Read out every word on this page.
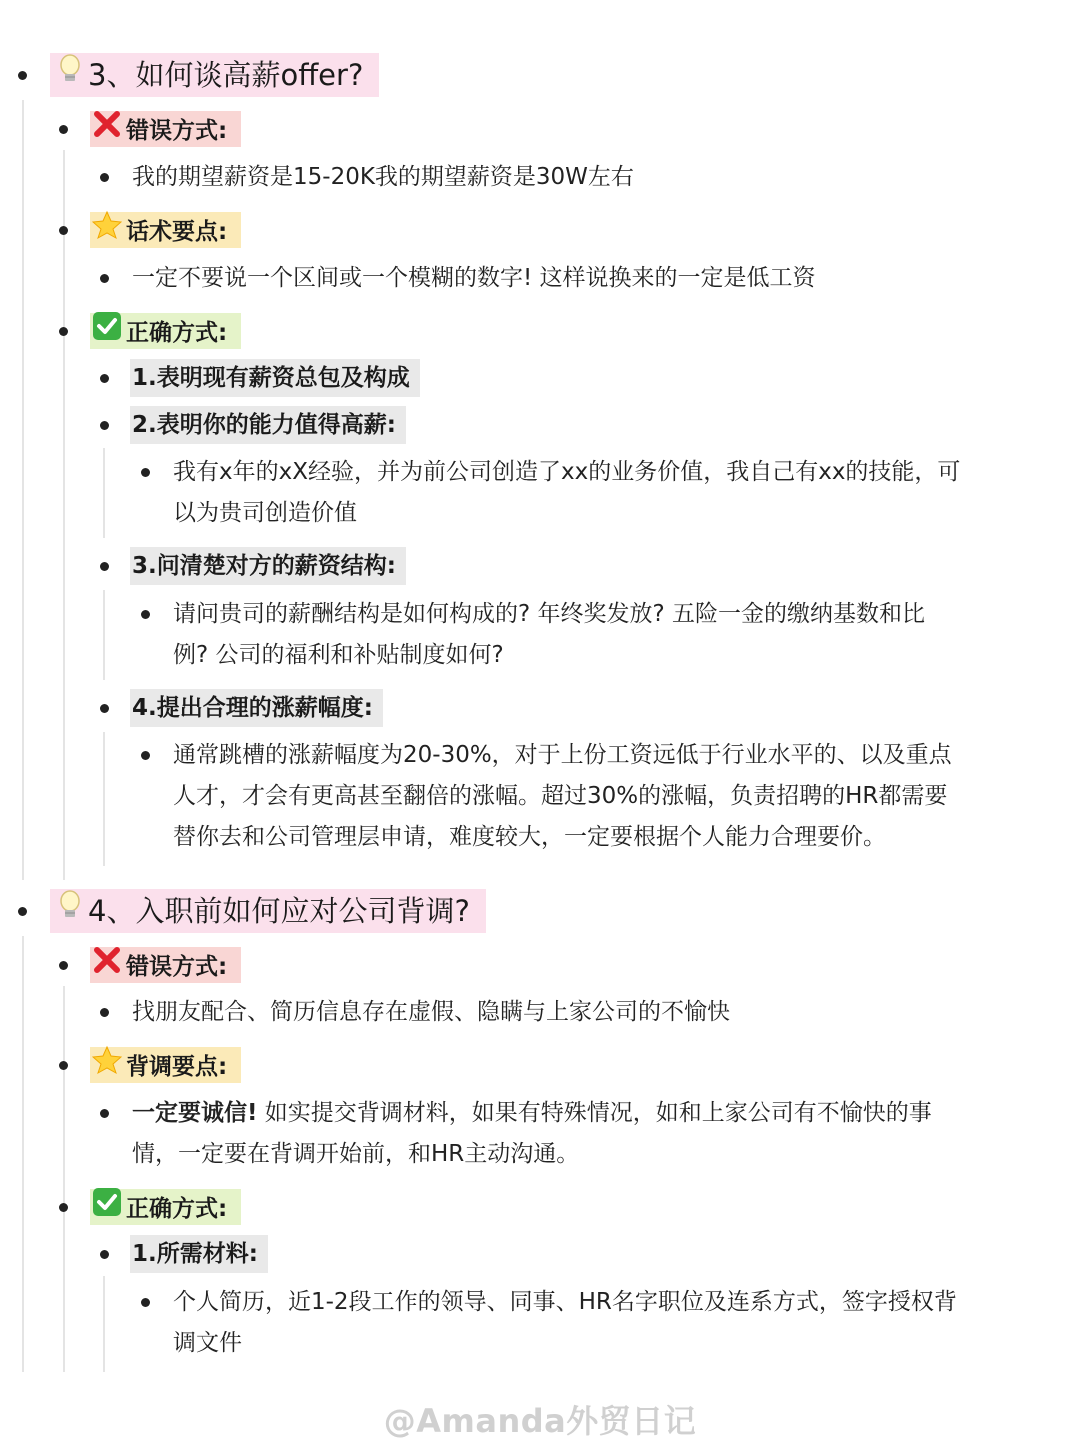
3、如何谈高薪offer?
错误方式:
我的期望薪资是15-20K我的期望薪资是30W左右
话术要点:
一定不要说一个区间或一个模糊的数字! 这样说换来的一定是低工资
正确方式:
1.表明现有薪资总包及构成
2.表明你的能力值得高薪:
我有x年的xX经验，并为前公司创造了xx的业务价值，我自己有xx的技能，可
以为贵司创造价值
3.问清楚对方的薪资结构:
请问贵司的薪酬结构是如何构成的? 年终奖发放? 五险一金的缴纳基数和比
例? 公司的福利和补贴制度如何?
4.提出合理的涨薪幅度:
通常跳槽的涨薪幅度为20-30%，对于上份工资远低于行业水平的、以及重点
人才，才会有更高甚至翻倍的涨幅。超过30%的涨幅，负责招聘的HR都需要
替你去和公司管理层申请，难度较大，一定要根据个人能力合理要价。
4、入职前如何应对公司背调?
错误方式:
找朋友配合、简历信息存在虚假、隐瞒与上家公司的不愉快
背调要点:
一定要诚信! 如实提交背调材料，如果有特殊情况，如和上家公司有不愉快的事
情，一定要在背调开始前，和HR主动沟通。
正确方式:
1.所需材料:
个人简历，近1-2段工作的领导、同事、HR名字职位及连系方式，签字授权背
调文件
@Amanda外贸日记
